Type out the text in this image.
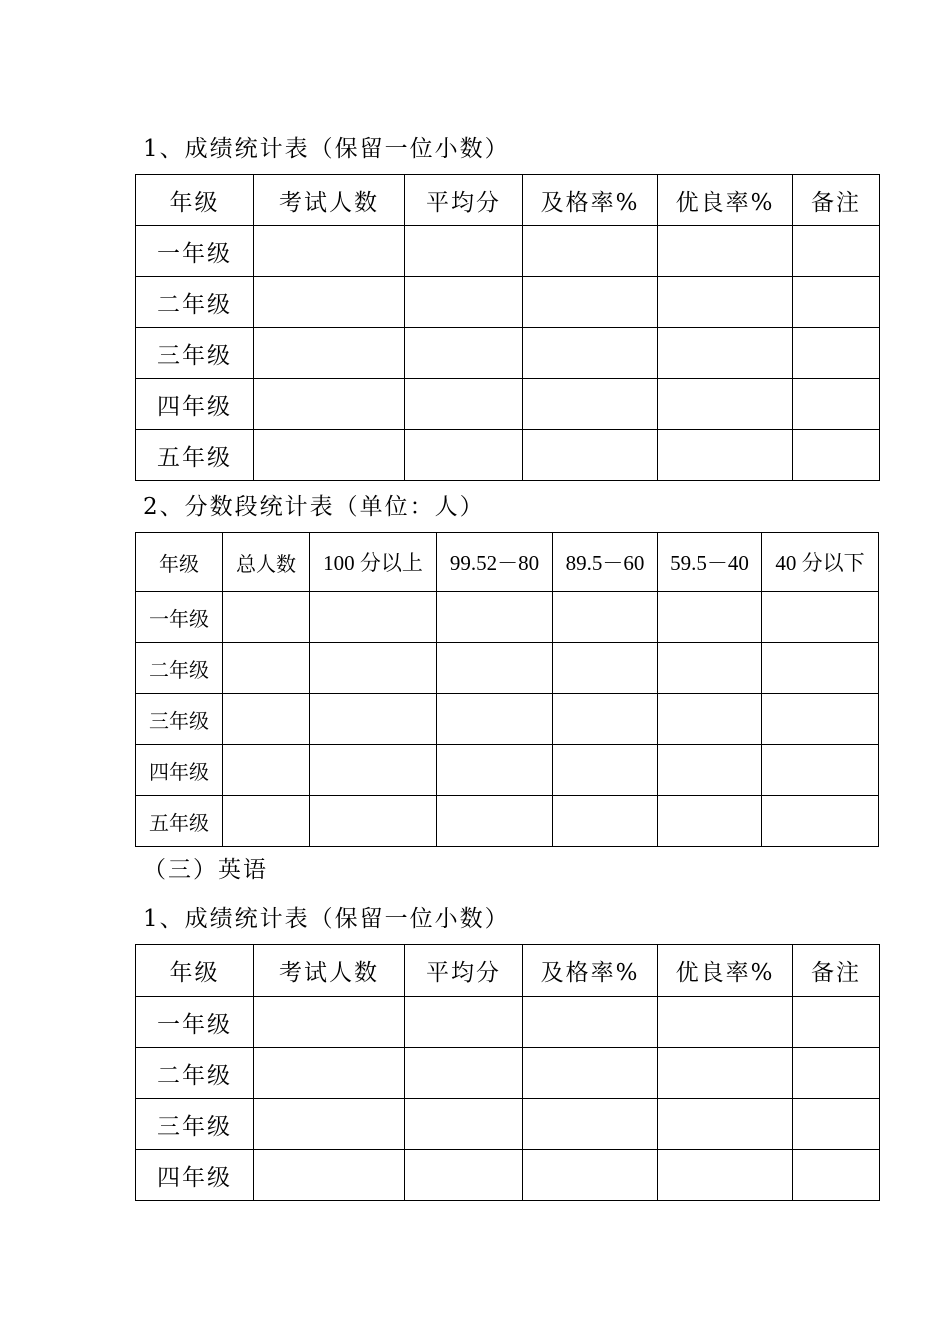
1、成绩统计表（保留一位小数）
年级	考试人数	平均分	及格率%	优良率%	备注
一年级					
二年级					
三年级					
四年级					
五年级					
2、分数段统计表（单位：人）
年级	总人数	100 分以上	99.52－80	89.5－60	59.5－40	40 分以下
一年级						
二年级						
三年级						
四年级						
五年级						
（三）英语
1、成绩统计表（保留一位小数）
年级	考试人数	平均分	及格率%	优良率%	备注
一年级					
二年级					
三年级					
四年级					
